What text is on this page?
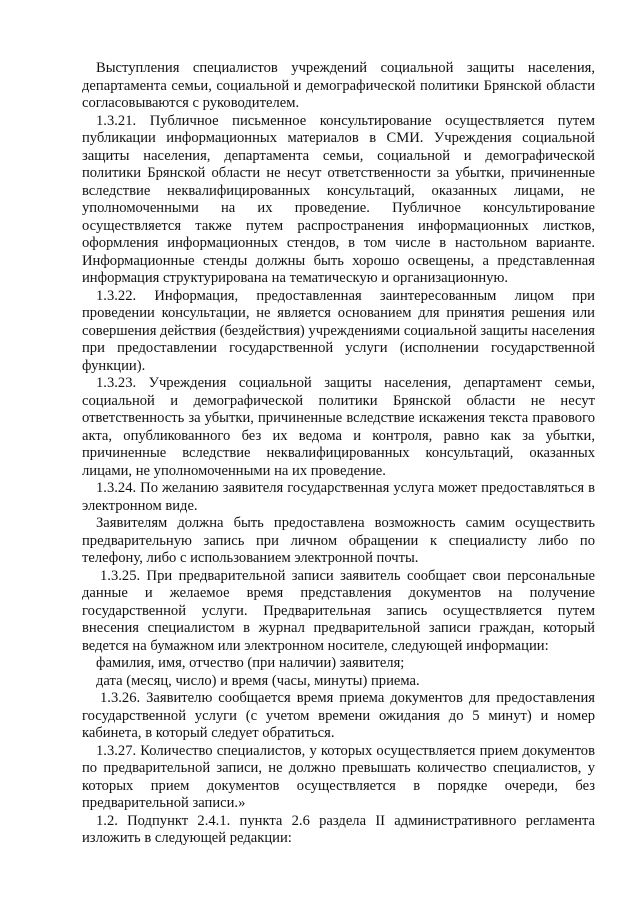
Выступления специалистов учреждений социальной защиты населения, департамента семьи, социальной и демографической политики Брянской области согласовываются с руководителем.

1.3.21. Публичное письменное консультирование осуществляется путем публикации информационных материалов в СМИ. Учреждения социальной защиты населения, департамента семьи, социальной и демографической политики Брянской области не несут ответственности за убытки, причиненные вследствие неквалифицированных консультаций, оказанных лицами, не уполномоченными на их проведение. Публичное консультирование осуществляется также путем распространения информационных листков, оформления информационных стендов, в том числе в настольном варианте. Информационные стенды должны быть хорошо освещены, а представленная информация структурирована на тематическую и организационную.

1.3.22. Информация, предоставленная заинтересованным лицом при проведении консультации, не является основанием для принятия решения или совершения действия (бездействия) учреждениями социальной защиты населения при предоставлении государственной услуги (исполнении государственной функции).

1.3.23. Учреждения социальной защиты населения, департамент семьи, социальной и демографической политики Брянской области не несут ответственность за убытки, причиненные вследствие искажения текста правового акта, опубликованного без их ведома и контроля, равно как за убытки, причиненные вследствие неквалифицированных консультаций, оказанных лицами, не уполномоченными на их проведение.

1.3.24. По желанию заявителя государственная услуга может предоставляться в электронном виде.

Заявителям должна быть предоставлена возможность самим осуществить предварительную запись при личном обращении к специалисту либо по телефону, либо с использованием электронной почты.

1.3.25. При предварительной записи заявитель сообщает свои персональные данные и желаемое время представления документов на получение государственной услуги. Предварительная запись осуществляется путем внесения специалистом в журнал предварительной записи граждан, который ведется на бумажном или электронном носителе, следующей информации:

фамилия, имя, отчество (при наличии) заявителя;

дата (месяц, число) и время (часы, минуты) приема.

1.3.26. Заявителю сообщается время приема документов для предоставления государственной услуги (с учетом времени ожидания до 5 минут) и номер кабинета, в который следует обратиться.

1.3.27. Количество специалистов, у которых осуществляется прием документов по предварительной записи, не должно превышать количество специалистов, у которых прием документов осуществляется в порядке очереди, без предварительной записи.»

1.2. Подпункт 2.4.1. пункта 2.6 раздела II административного регламента изложить в следующей редакции:
